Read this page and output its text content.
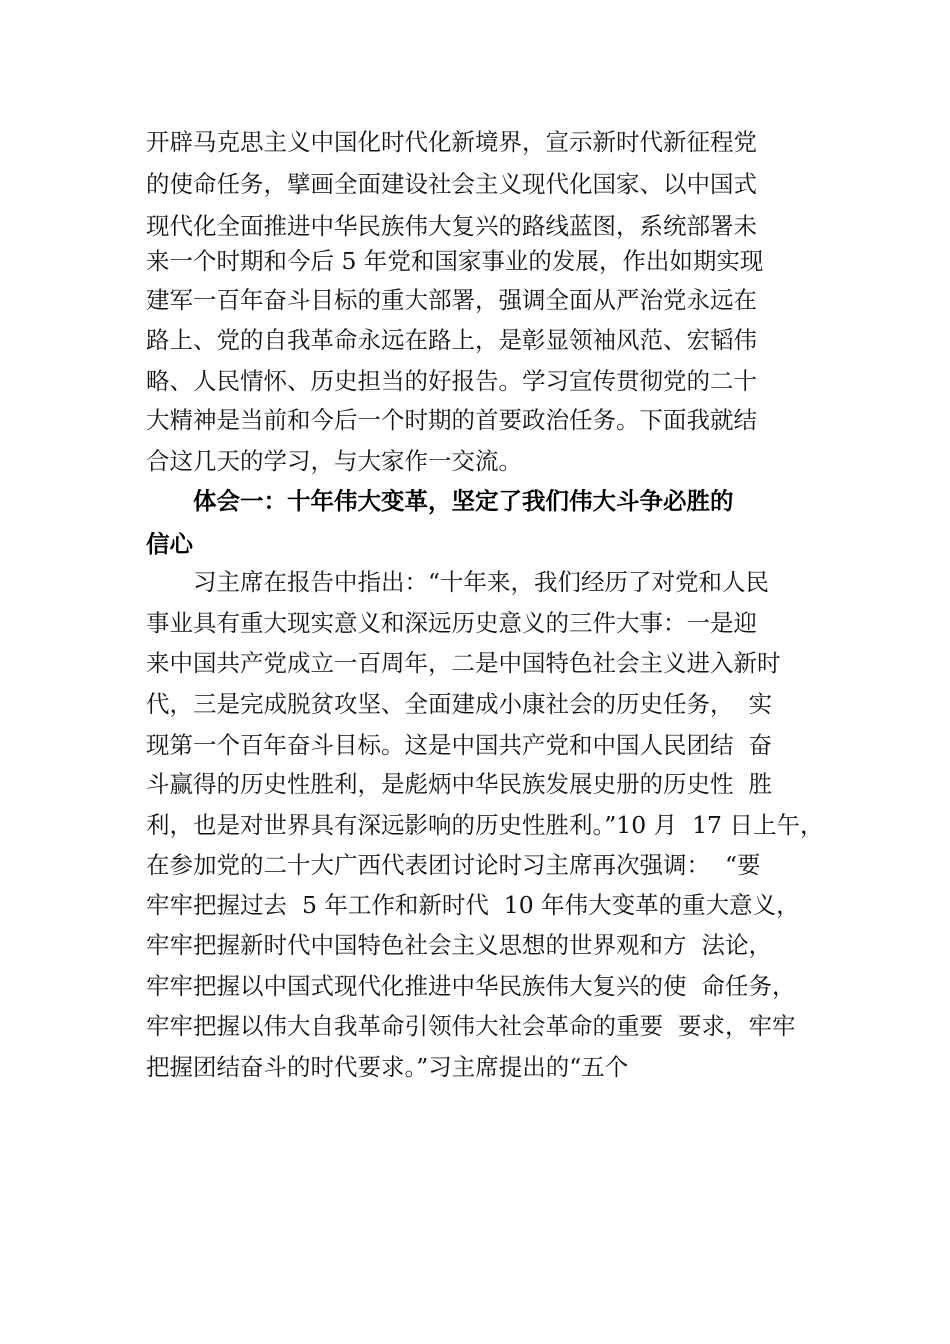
开辟马克思主义中国化时代化新境界，宣示新时代新征程党
的使命任务，擘画全面建设社会主义现代化国家、以中国式
现代化全面推进中华民族伟大复兴的路线蓝图，系统部署未
来一个时期和今后 5 年党和国家事业的发展，作出如期实现
建军一百年奋斗目标的重大部署，强调全面从严治党永远在
路上、党的自我革命永远在路上，是彰显领袖风范、宏韬伟
略、人民情怀、历史担当的好报告。学习宣传贯彻党的二十
大精神是当前和今后一个时期的首要政治任务。下面我就结
合这几天的学习，与大家作一交流。
体会一：十年伟大变革，坚定了我们伟大斗争必胜的
信心
习主席在报告中指出：“十年来，我们经历了对党和人民
事业具有重大现实意义和深远历史意义的三件大事：一是迎
来中国共产党成立一百周年，二是中国特色社会主义进入新时
代，三是完成脱贫攻坚、全面建成小康社会的历史任务，  实
现第一个百年奋斗目标。这是中国共产党和中国人民团结  奋
斗赢得的历史性胜利，是彪炳中华民族发展史册的历史性  胜
利，也是对世界具有深远影响的历史性胜利。”10 月  17 日上午，
在参加党的二十大广西代表团讨论时习主席再次强调：  “要
牢牢把握过去  5 年工作和新时代  10 年伟大变革的重大意义，
牢牢把握新时代中国特色社会主义思想的世界观和方  法论，
牢牢把握以中国式现代化推进中华民族伟大复兴的使  命任务，
牢牢把握以伟大自我革命引领伟大社会革命的重要  要求，牢牢
把握团结奋斗的时代要求。”习主席提出的“五个
